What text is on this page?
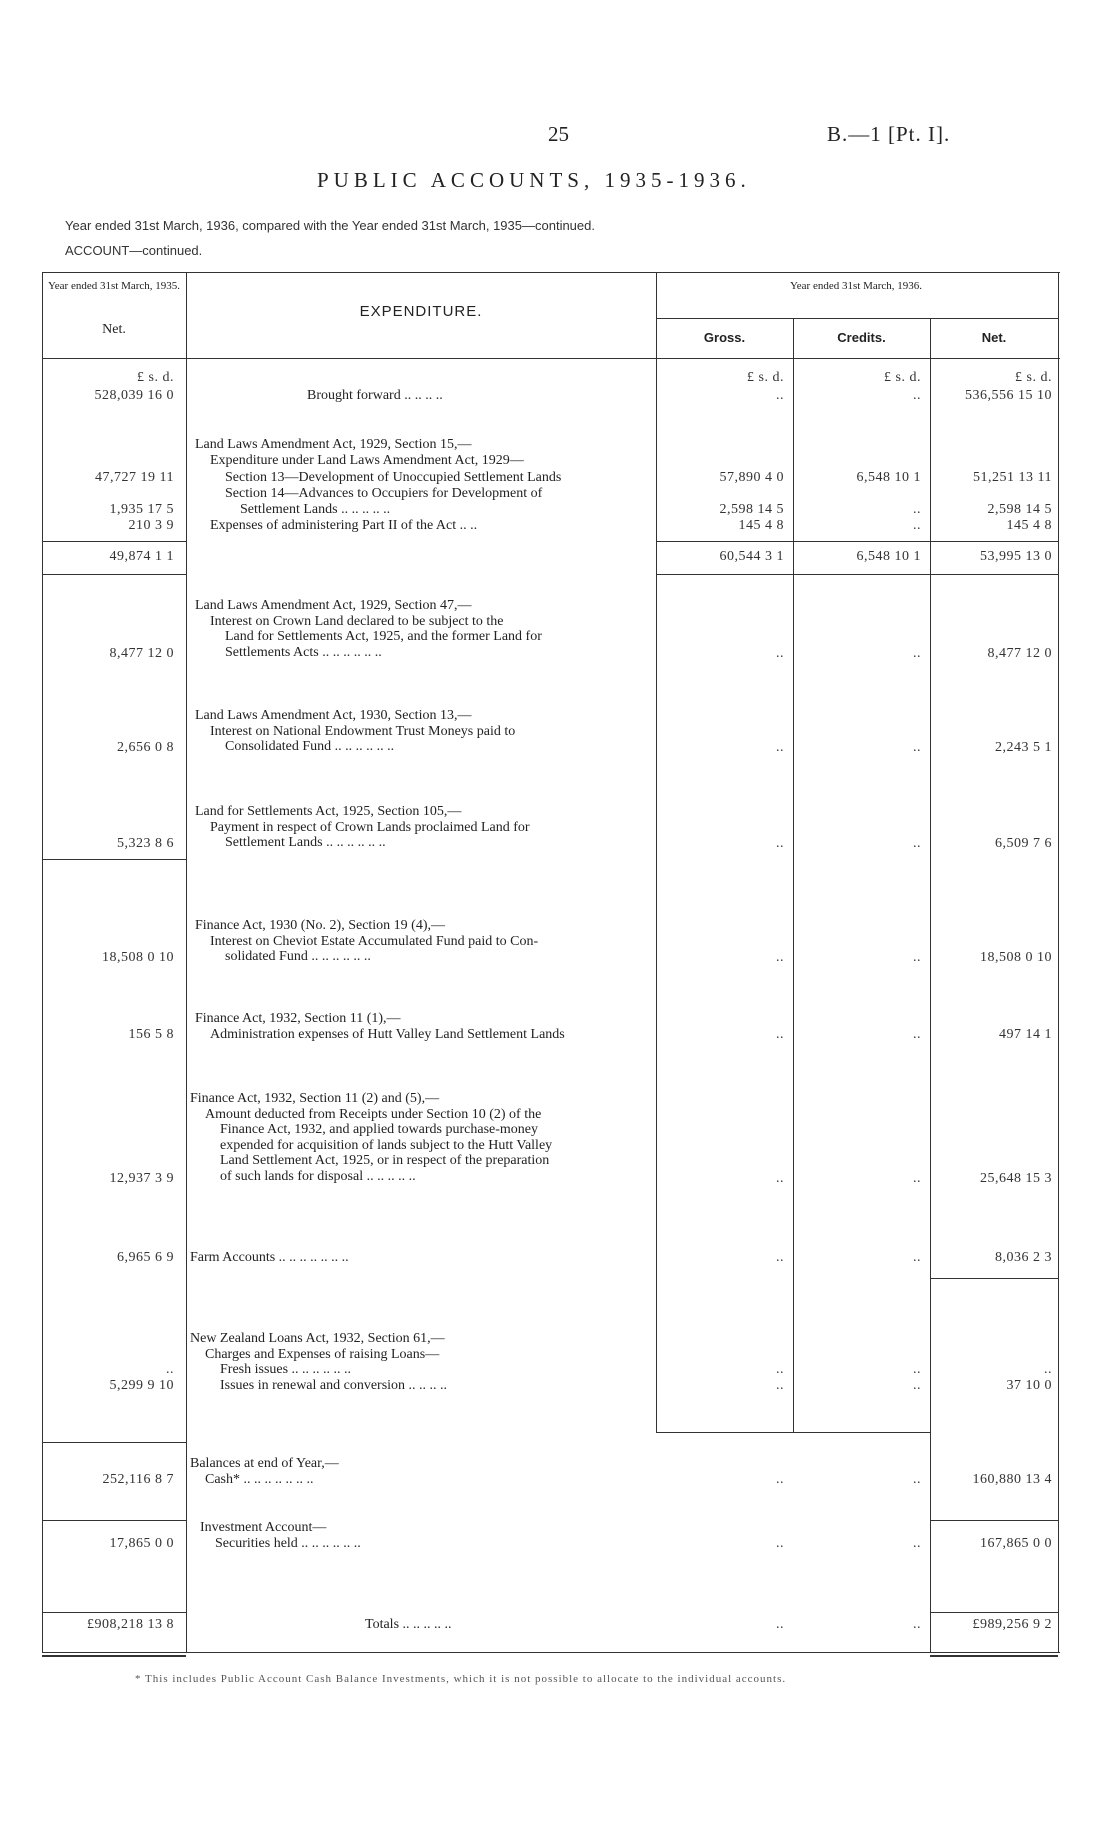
25	B.—1 [Pt. I].
PUBLIC ACCOUNTS, 1935-1936.
Year ended 31st March, 1936, compared with the Year ended 31st March, 1935—continued.
ACCOUNT—continued.
Year ended 31st March, 1935.
Net.
EXPENDITURE.
Year ended 31st March, 1936.
Gross.	Credits.	Net.
£ s. d.	£ s. d.	£ s. d.	£ s. d.
Brought forward .. .. .. ..
528,039 16 0	..	..	536,556 15 10
Land Laws Amendment Act, 1929, Section 15,—
Expenditure under Land Laws Amendment Act, 1929—
Section 13—Development of Unoccupied Settlement Lands
47,727 19 11	57,890 4 0	6,548 10 1	51,251 13 11
Section 14—Advances to Occupiers for Development of
Settlement Lands .. .. .. .. ..
1,935 17 5	2,598 14 5	..	2,598 14 5
Expenses of administering Part II of the Act .. ..
210 3 9	145 4 8	..	145 4 8
49,874 1 1	60,544 3 1	6,548 10 1	53,995 13 0
Land Laws Amendment Act, 1929, Section 47,—
Interest on Crown Land declared to be subject to the
Land for Settlements Act, 1925, and the former Land for
Settlements Acts .. .. .. .. .. ..
8,477 12 0	..	..	8,477 12 0
Land Laws Amendment Act, 1930, Section 13,—
Interest on National Endowment Trust Moneys paid to
Consolidated Fund .. .. .. .. .. ..
2,656 0 8	..	..	2,243 5 1
Land for Settlements Act, 1925, Section 105,—
Payment in respect of Crown Lands proclaimed Land for
Settlement Lands .. .. .. .. .. ..
5,323 8 6	..	..	6,509 7 6
Finance Act, 1930 (No. 2), Section 19 (4),—
Interest on Cheviot Estate Accumulated Fund paid to Con-
solidated Fund .. .. .. .. .. ..
18,508 0 10	..	..	18,508 0 10
Finance Act, 1932, Section 11 (1),—
Administration expenses of Hutt Valley Land Settlement Lands
156 5 8	..	..	497 14 1
Finance Act, 1932, Section 11 (2) and (5),—
Amount deducted from Receipts under Section 10 (2) of the
Finance Act, 1932, and applied towards purchase-money
expended for acquisition of lands subject to the Hutt Valley
Land Settlement Act, 1925, or in respect of the preparation
of such lands for disposal .. .. .. .. ..
12,937 3 9	..	..	25,648 15 3
Farm Accounts .. .. .. .. .. .. ..
6,965 6 9	..	..	8,036 2 3
New Zealand Loans Act, 1932, Section 61,—
Charges and Expenses of raising Loans—
Fresh issues .. .. .. .. .. ..
..	..	..	..
Issues in renewal and conversion .. .. .. ..
5,299 9 10	..	..	37 10 0
Balances at end of Year,—
Cash* .. .. .. .. .. .. ..
252,116 8 7	..	..	160,880 13 4
Investment Account—
Securities held .. .. .. .. .. ..
17,865 0 0	..	..	167,865 0 0
Totals .. .. .. .. ..
£908,218 13 8	..	..	£989,256 9 2
* This includes Public Account Cash Balance Investments, which it is not possible to allocate to the individual accounts.
